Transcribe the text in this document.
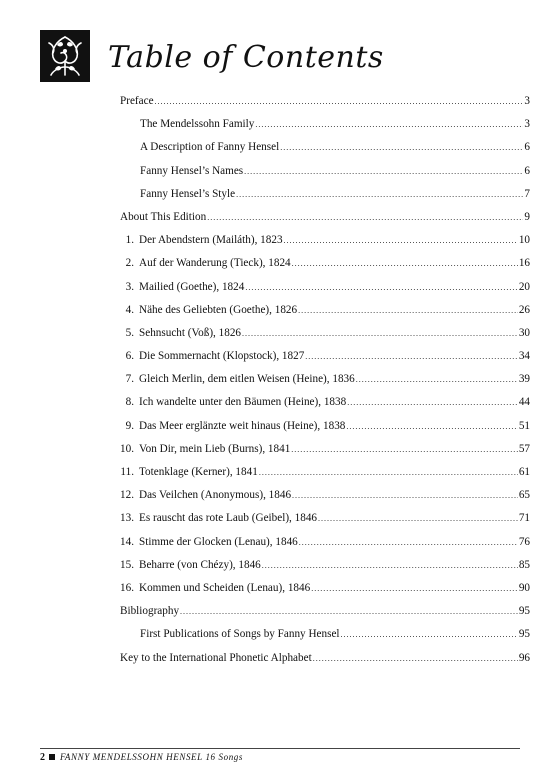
Table of Contents
Preface .....	3
The Mendelssohn Family .....	3
A Description of Fanny Hensel .....	6
Fanny Hensel’s Names .....	6
Fanny Hensel’s Style .....	7
About This Edition .....	9
1. Der Abendstern (Mailáth), 1823 .....	10
2. Auf der Wanderung (Tieck), 1824 .....	16
3. Mailied (Goethe), 1824 .....	20
4. Nähe des Geliebten (Goethe), 1826 .....	26
5. Sehnsucht (Voß), 1826 .....	30
6. Die Sommernacht (Klopstock), 1827 .....	34
7. Gleich Merlin, dem eitlen Weisen (Heine), 1836 .....	39
8. Ich wandelte unter den Bäumen (Heine), 1838 .....	44
9. Das Meer erglänzte weit hinaus (Heine), 1838 .....	51
10. Von Dir, mein Lieb (Burns), 1841 .....	57
11. Totenklage (Kerner), 1841 .....	61
12. Das Veilchen (Anonymous), 1846 .....	65
13. Es rauscht das rote Laub (Geibel), 1846 .....	71
14. Stimme der Glocken (Lenau), 1846 .....	76
15. Beharre (von Chézy), 1846 .....	85
16. Kommen und Scheiden (Lenau), 1846 .....	90
Bibliography .....	95
First Publications of Songs by Fanny Hensel .....	95
Key to the International Phonetic Alphabet .....	96
2 FANNY MENDELSSOHN HENSEL 16 Songs
